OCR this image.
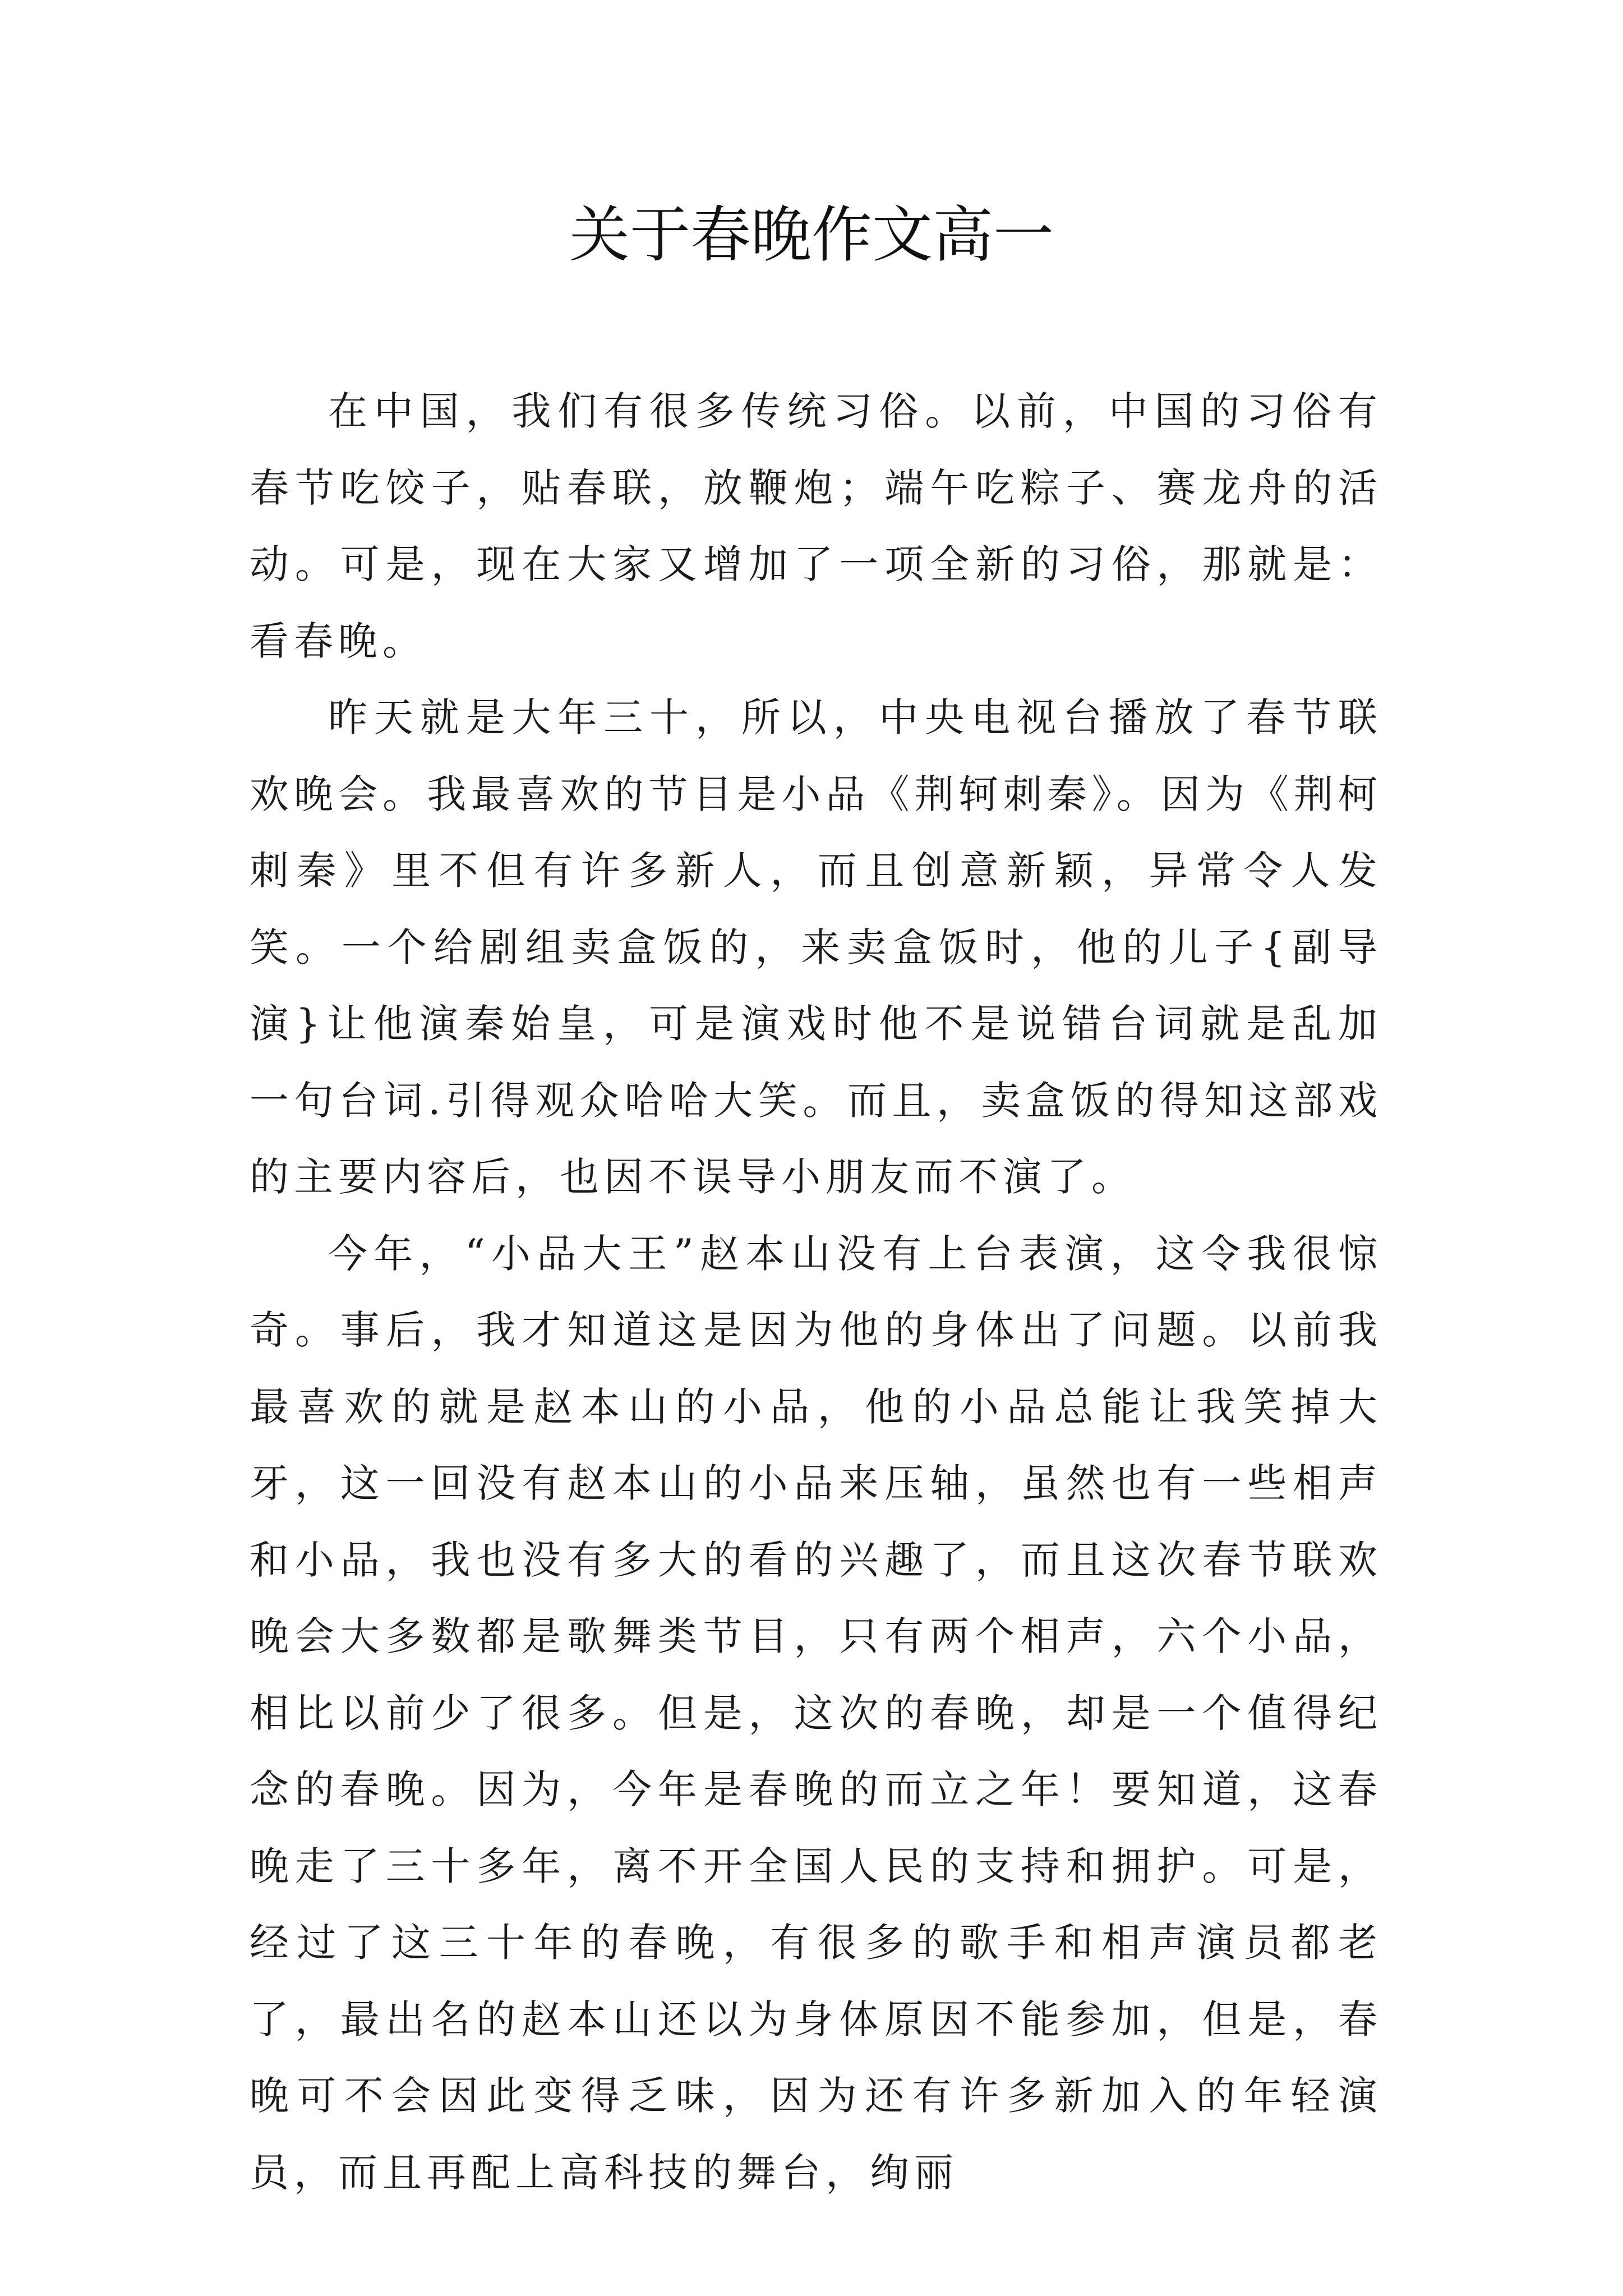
关于春晚作文高一

在中国，我们有很多传统习俗。以前，中国的习俗有春节吃饺子，贴春联，放鞭炮；端午吃粽子、赛龙舟的活动。可是，现在大家又增加了一项全新的习俗，那就是：看春晚。

昨天就是大年三十，所以，中央电视台播放了春节联欢晚会。我最喜欢的节目是小品《荆轲刺秦》。因为《荆柯刺秦》里不但有许多新人，而且创意新颖，异常令人发笑。一个给剧组卖盒饭的，来卖盒饭时，他的儿子{副导演}让他演秦始皇，可是演戏时他不是说错台词就是乱加一句台词.引得观众哈哈大笑。而且，卖盒饭的得知这部戏的主要内容后，也因不误导小朋友而不演了。

今年，“小品大王”赵本山没有上台表演，这令我很惊奇。事后，我才知道这是因为他的身体出了问题。以前我最喜欢的就是赵本山的小品，他的小品总能让我笑掉大牙，这一回没有赵本山的小品来压轴，虽然也有一些相声和小品，我也没有多大的看的兴趣了，而且这次春节联欢晚会大多数都是歌舞类节目，只有两个相声，六个小品，相比以前少了很多。但是，这次的春晚，却是一个值得纪念的春晚。因为，今年是春晚的而立之年！要知道，这春晚走了三十多年，离不开全国人民的支持和拥护。可是，经过了这三十年的春晚，有很多的歌手和相声演员都老了，最出名的赵本山还以为身体原因不能参加，但是，春晚可不会因此变得乏味，因为还有许多新加入的年轻演员，而且再配上高科技的舞台，绚丽
